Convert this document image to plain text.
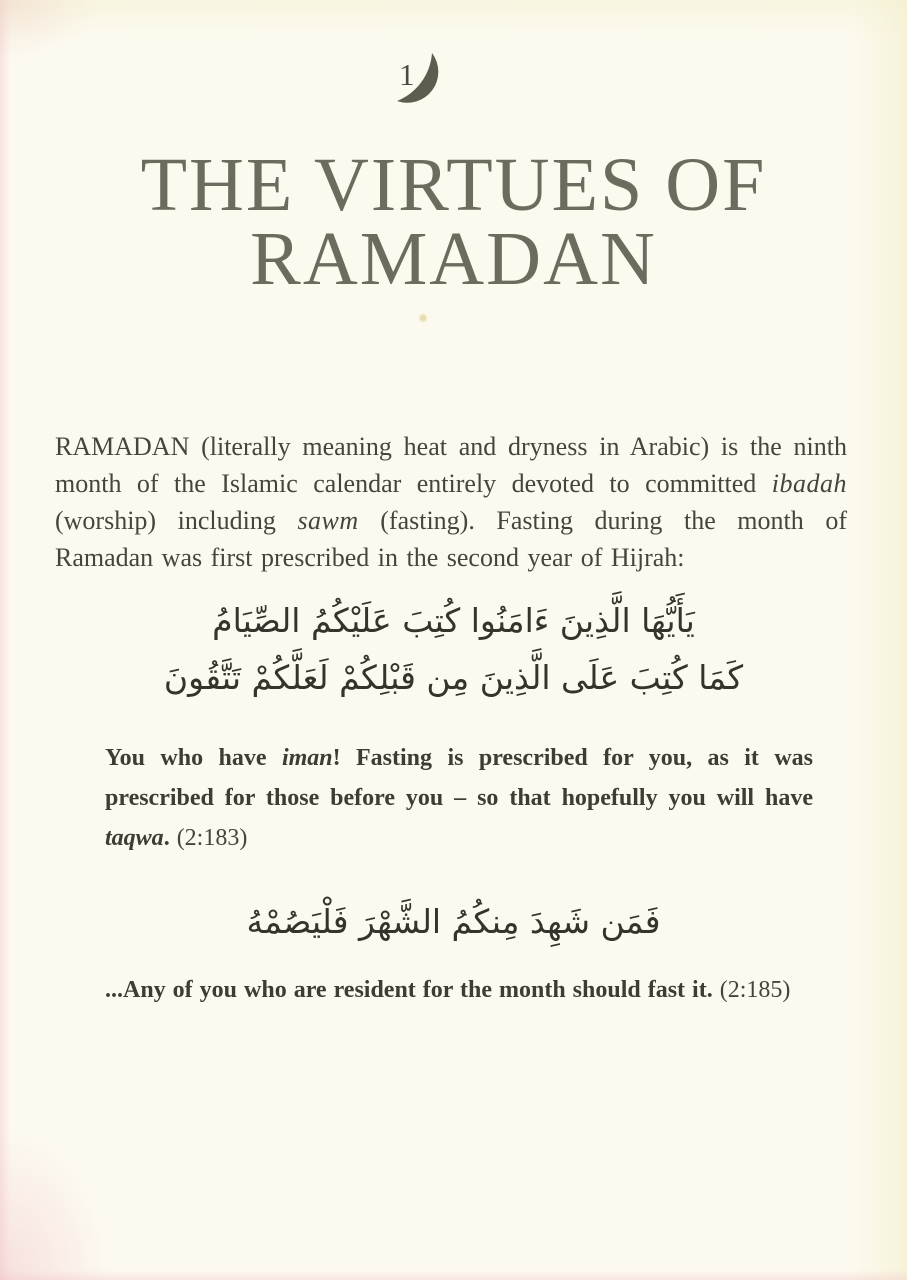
1
THE VIRTUES OF
RAMADAN

RAMADAN (literally meaning heat and dryness in Arabic) is the ninth month of the Islamic calendar entirely devoted to committed ibadah (worship) including sawm (fasting). Fasting during the month of Ramadan was first prescribed in the second year of Hijrah:

يَأَيُّهَا الَّذِينَ ءَامَنُوا كُتِبَ عَلَيْكُمُ الصِّيَامُ
كَمَا كُتِبَ عَلَى الَّذِينَ مِن قَبْلِكُمْ لَعَلَّكُمْ تَتَّقُونَ

You who have iman! Fasting is prescribed for you, as it was prescribed for those before you – so that hopefully you will have taqwa. (2:183)

فَمَن شَهِدَ مِنكُمُ الشَّهْرَ فَلْيَصُمْهُ

...Any of you who are resident for the month should fast it. (2:185)
